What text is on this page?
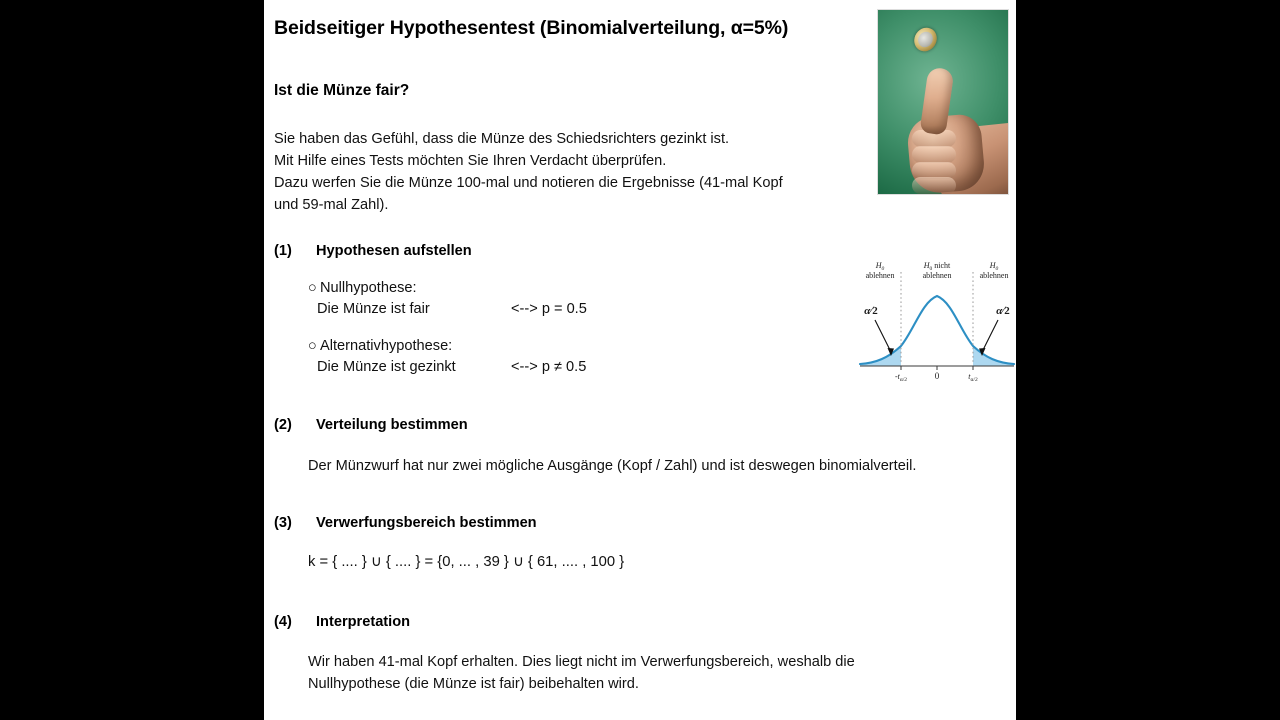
Beidseitiger Hypothesentest (Binomialverteilung, α=5%)
Ist die Münze fair?
Sie haben das Gefühl, dass die Münze des Schiedsrichters gezinkt ist.
Mit Hilfe eines Tests möchten Sie Ihren Verdacht überprüfen.
Dazu werfen Sie die Münze 100-mal und notieren die Ergebnisse (41-mal Kopf
und 59-mal Zahl).
(1) Hypothesen aufstellen
○ Nullhypothese:
Die Münze ist fair	<--> p = 0.5
○ Alternativhypothese:
Die Münze ist gezinkt	<--> p ≠ 0.5
$H_0$
ablehnen
$H_0$ nicht
ablehnen
$H_0$
ablehnen
α⁄2	α⁄2
$-t_{\alpha/2}$	0	$t_{\alpha/2}$
(2) Verteilung bestimmen
Der Münzwurf hat nur zwei mögliche Ausgänge (Kopf / Zahl) und ist deswegen binomialverteil.
(3) Verwerfungsbereich bestimmen
k = { .... } ∪ { .... } = {0, ... , 39 } ∪ { 61, .... , 100 }
(4) Interpretation
Wir haben 41-mal Kopf erhalten. Dies liegt nicht im Verwerfungsbereich, weshalb die
Nullhypothese (die Münze ist fair) beibehalten wird.
